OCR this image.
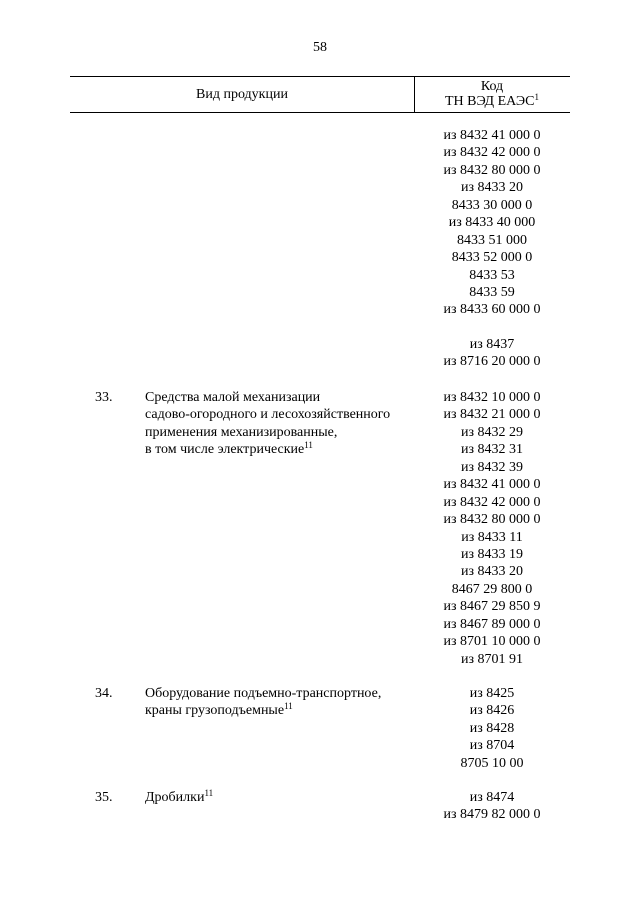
58
Вид продукции
Код
ТН ВЭД ЕАЭС$^1$
из 8432 41 000 0
из 8432 42 000 0
из 8432 80 000 0
из 8433 20
8433 30 000 0
из 8433 40 000
8433 51 000
8433 52 000 0
8433 53
8433 59
из 8433 60 000 0
из 8437
из 8716 20 000 0
33. Средства малой механизации
садово-огородного и лесохозяйственного
применения механизированные,
в том числе электрические$^{11}$
из 8432 10 000 0
из 8432 21 000 0
из 8432 29
из 8432 31
из 8432 39
из 8432 41 000 0
из 8432 42 000 0
из 8432 80 000 0
из 8433 11
из 8433 19
из 8433 20
8467 29 800 0
из 8467 29 850 9
из 8467 89 000 0
из 8701 10 000 0
из 8701 91
34. Оборудование подъемно-транспортное,
краны грузоподъемные$^{11}$
из 8425
из 8426
из 8428
из 8704
8705 10 00
35. Дробилки$^{11}$	из 8474
из 8479 82 000 0
